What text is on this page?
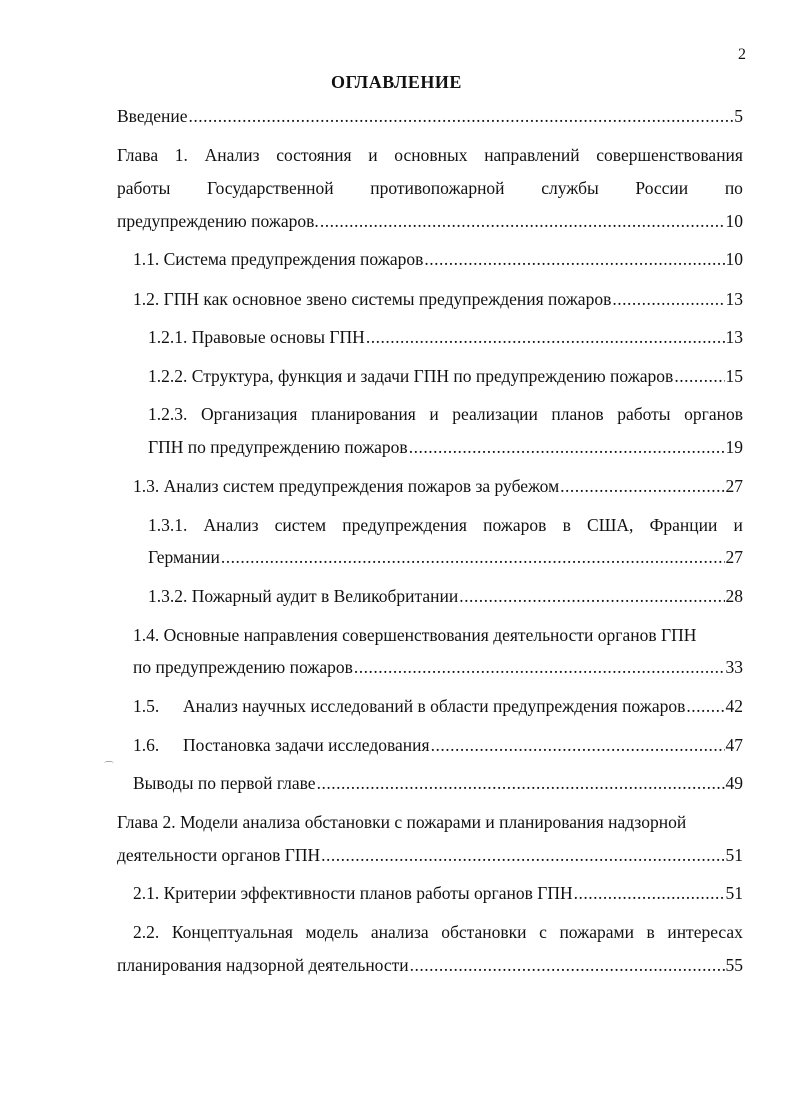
2
ОГЛАВЛЕНИЕ
Введение .....	5
Глава 1. Анализ состояния и основных направлений совершенствования
работы Государственной противопожарной службы России по
предупреждению пожаров. .....	10
1.1. Система предупреждения пожаров .....	10
1.2. ГПН как основное звено системы предупреждения пожаров .....	13
1.2.1. Правовые основы ГПН .....	13
1.2.2. Структура, функция и задачи ГПН по предупреждению пожаров .....	15
1.2.3. Организация планирования и реализации планов работы органов
ГПН по предупреждению пожаров .....	19
1.3. Анализ систем предупреждения пожаров за рубежом .....	27
1.3.1. Анализ систем предупреждения пожаров в США, Франции и
Германии .....	27
1.3.2. Пожарный аудит в Великобритании .....	28
1.4. Основные направления совершенствования деятельности органов ГПН
по предупреждению пожаров .....	33
1.5. Анализ научных исследований в области предупреждения пожаров ..... 42
1.6. Постановка задачи исследования .....	47
⌒
Выводы по первой главе .....	49
Глава 2. Модели анализа обстановки с пожарами и планирования надзорной
деятельности органов ГПН .....	51
2.1. Критерии эффективности планов работы органов ГПН .....	51
2.2. Концептуальная модель анализа обстановки с пожарами в интересах
планирования надзорной деятельности .....	55
